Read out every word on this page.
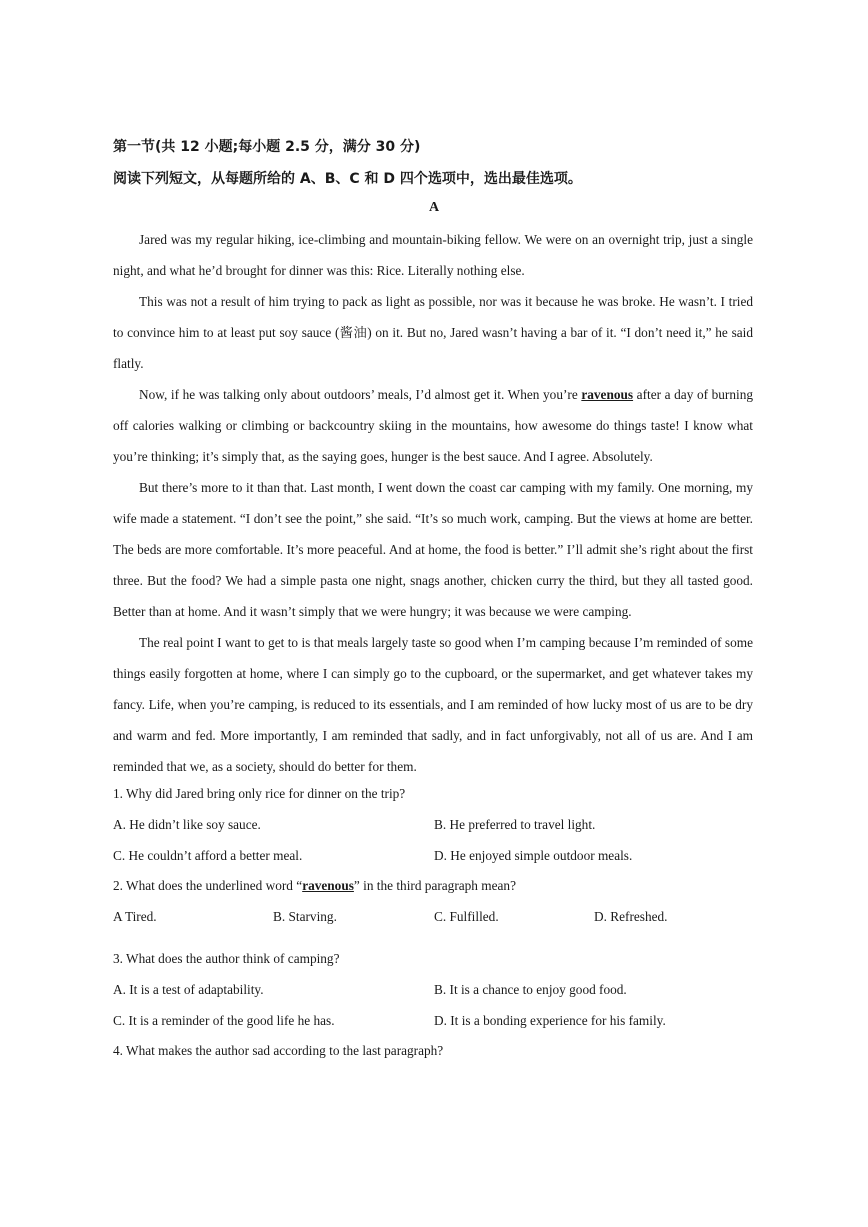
第一节(共 12 小题;每小题 2.5 分，满分 30 分)
阅读下列短文，从每题所给的 A、B、C 和 D 四个选项中，选出最佳选项。
A

Jared was my regular hiking, ice-climbing and mountain-biking fellow. We were on an overnight trip, just a single night, and what he’d brought for dinner was this: Rice. Literally nothing else.

This was not a result of him trying to pack as light as possible, nor was it because he was broke. He wasn’t. I tried to convince him to at least put soy sauce (酱油) on it. But no, Jared wasn’t having a bar of it. “I don’t need it,” he said flatly.

Now, if he was talking only about outdoors’ meals, I’d almost get it. When you’re ravenous after a day of burning off calories walking or climbing or backcountry skiing in the mountains, how awesome do things taste! I know what you’re thinking; it’s simply that, as the saying goes, hunger is the best sauce. And I agree. Absolutely.

But there’s more to it than that. Last month, I went down the coast car camping with my family. One morning, my wife made a statement. “I don’t see the point,” she said. “It’s so much work, camping. But the views at home are better. The beds are more comfortable. It’s more peaceful. And at home, the food is better.” I’ll admit she’s right about the first three. But the food? We had a simple pasta one night, snags another, chicken curry the third, but they all tasted good. Better than at home. And it wasn’t simply that we were hungry; it was because we were camping.

The real point I want to get to is that meals largely taste so good when I’m camping because I’m reminded of some things easily forgotten at home, where I can simply go to the cupboard, or the supermarket, and get whatever takes my fancy. Life, when you’re camping, is reduced to its essentials, and I am reminded of how lucky most of us are to be dry and warm and fed. More importantly, I am reminded that sadly, and in fact unforgivably, not all of us are. And I am reminded that we, as a society, should do better for them.

1. Why did Jared bring only rice for dinner on the trip?
A. He didn’t like soy sauce.	B. He preferred to travel light.
C. He couldn’t afford a better meal.	D. He enjoyed simple outdoor meals.
2. What does the underlined word “ravenous” in the third paragraph mean?
A Tired.	B. Starving.	C. Fulfilled.	D. Refreshed.
3. What does the author think of camping?
A. It is a test of adaptability.	B. It is a chance to enjoy good food.
C. It is a reminder of the good life he has.	D. It is a bonding experience for his family.
4. What makes the author sad according to the last paragraph?
